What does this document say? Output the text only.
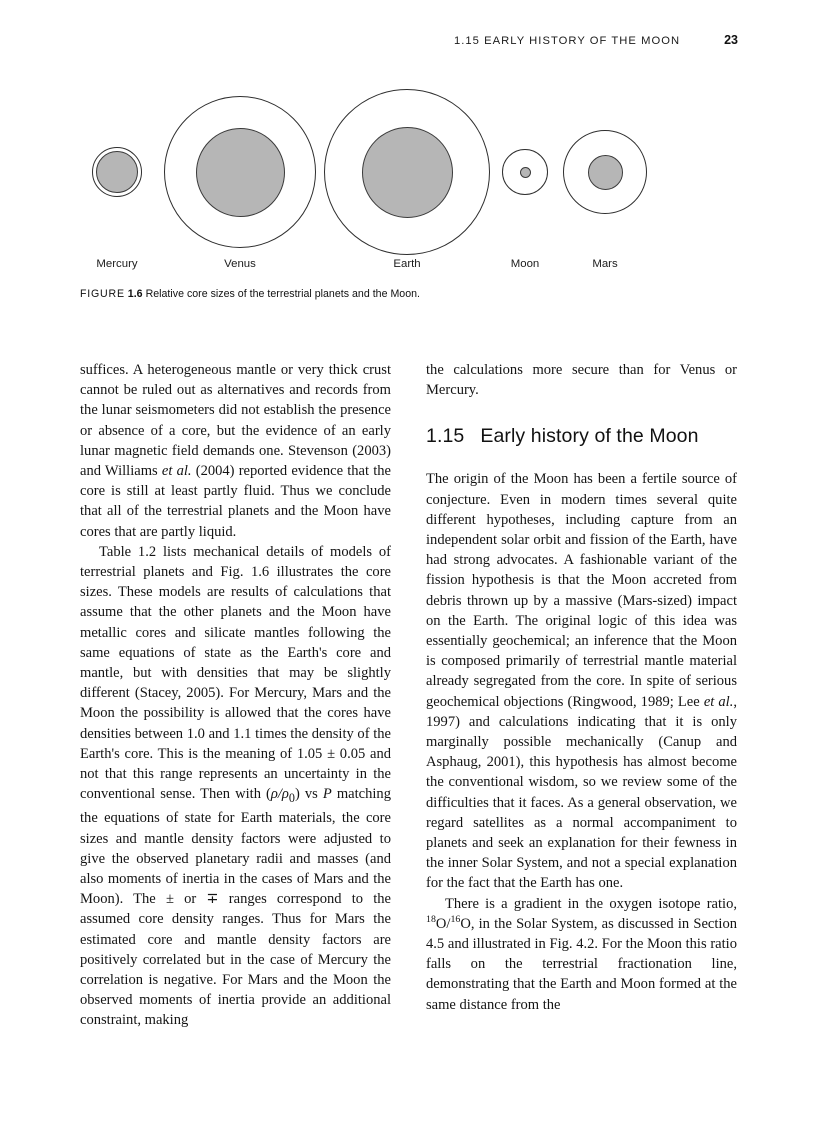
1.15 EARLY HISTORY OF THE MOON	23
Mercury	Venus	Earth	Moon	Mars
FIGURE 1.6 Relative core sizes of the terrestrial planets and the Moon.

suffices. A heterogeneous mantle or very thick crust cannot be ruled out as alternatives and records from the lunar seismometers did not establish the presence or absence of a core, but the evidence of an early lunar magnetic field demands one. Stevenson (2003) and Williams et al. (2004) reported evidence that the core is still at least partly fluid. Thus we conclude that all of the terrestrial planets and the Moon have cores that are partly liquid.

Table 1.2 lists mechanical details of models of terrestrial planets and Fig. 1.6 illustrates the core sizes. These models are results of calculations that assume that the other planets and the Moon have metallic cores and silicate mantles following the same equations of state as the Earth's core and mantle, but with densities that may be slightly different (Stacey, 2005). For Mercury, Mars and the Moon the possibility is allowed that the cores have densities between 1.0 and 1.1 times the density of the Earth's core. This is the meaning of 1.05 ± 0.05 and not that this range represents an uncertainty in the conventional sense. Then with $(\rho/\rho_0)$ vs P matching the equations of state for Earth materials, the core sizes and mantle density factors were adjusted to give the observed planetary radii and masses (and also moments of inertia in the cases of Mars and the Moon). The ± or ∓ ranges correspond to the assumed core density ranges. Thus for Mars the estimated core and mantle density factors are positively correlated but in the case of Mercury the correlation is negative. For Mars and the Moon the observed moments of inertia provide an additional constraint, making

the calculations more secure than for Venus or Mercury.

1.15 Early history of the Moon

The origin of the Moon has been a fertile source of conjecture. Even in modern times several quite different hypotheses, including capture from an independent solar orbit and fission of the Earth, have had strong advocates. A fashionable variant of the fission hypothesis is that the Moon accreted from debris thrown up by a massive (Mars-sized) impact on the Earth. The original logic of this idea was essentially geochemical; an inference that the Moon is composed primarily of terrestrial mantle material already segregated from the core. In spite of serious geochemical objections (Ringwood, 1989; Lee et al., 1997) and calculations indicating that it is only marginally possible mechanically (Canup and Asphaug, 2001), this hypothesis has almost become the conventional wisdom, so we review some of the difficulties that it faces. As a general observation, we regard satellites as a normal accompaniment to planets and seek an explanation for their fewness in the inner Solar System, and not a special explanation for the fact that the Earth has one.

There is a gradient in the oxygen isotope ratio, $^{18}$O/$^{16}$O, in the Solar System, as discussed in Section 4.5 and illustrated in Fig. 4.2. For the Moon this ratio falls on the terrestrial fractionation line, demonstrating that the Earth and Moon formed at the same distance from the
